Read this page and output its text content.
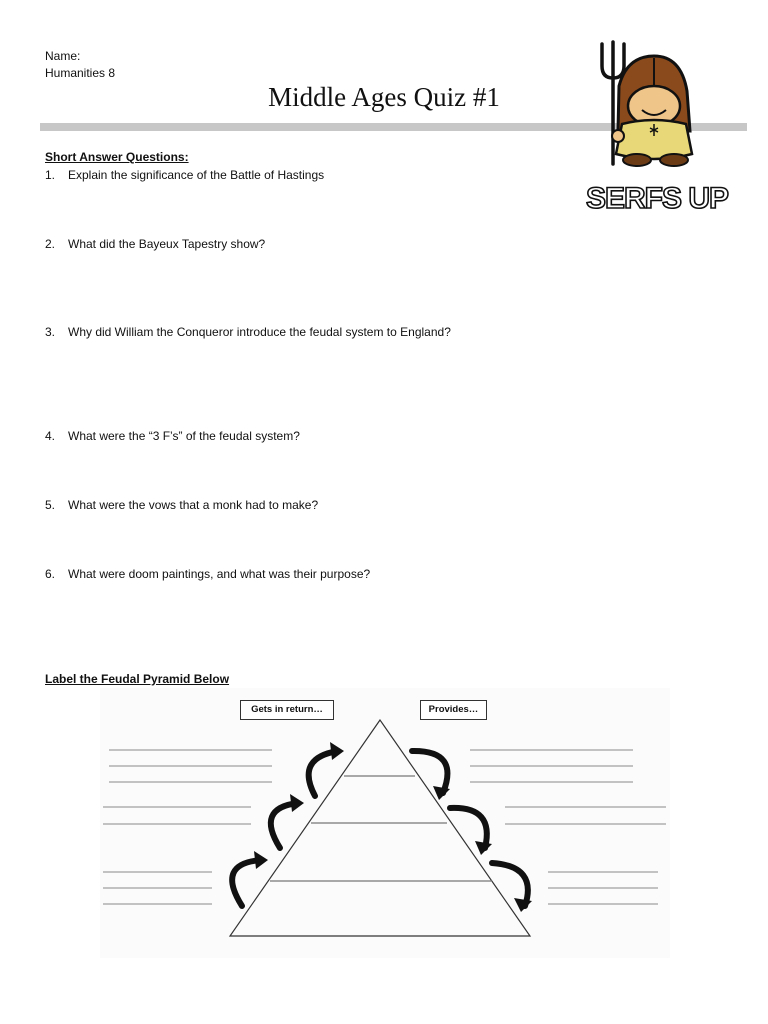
Name:
Humanities 8
Middle Ages Quiz #1
SERFS UP
Short Answer Questions:
1. Explain the significance of the Battle of Hastings
2. What did the Bayeux Tapestry show?
3. Why did William the Conqueror introduce the feudal system to England?
4. What were the “3 F’s” of the feudal system?
5. What were the vows that a monk had to make?
6. What were doom paintings, and what was their purpose?
Label the Feudal Pyramid Below
Gets in return…	Provides…
